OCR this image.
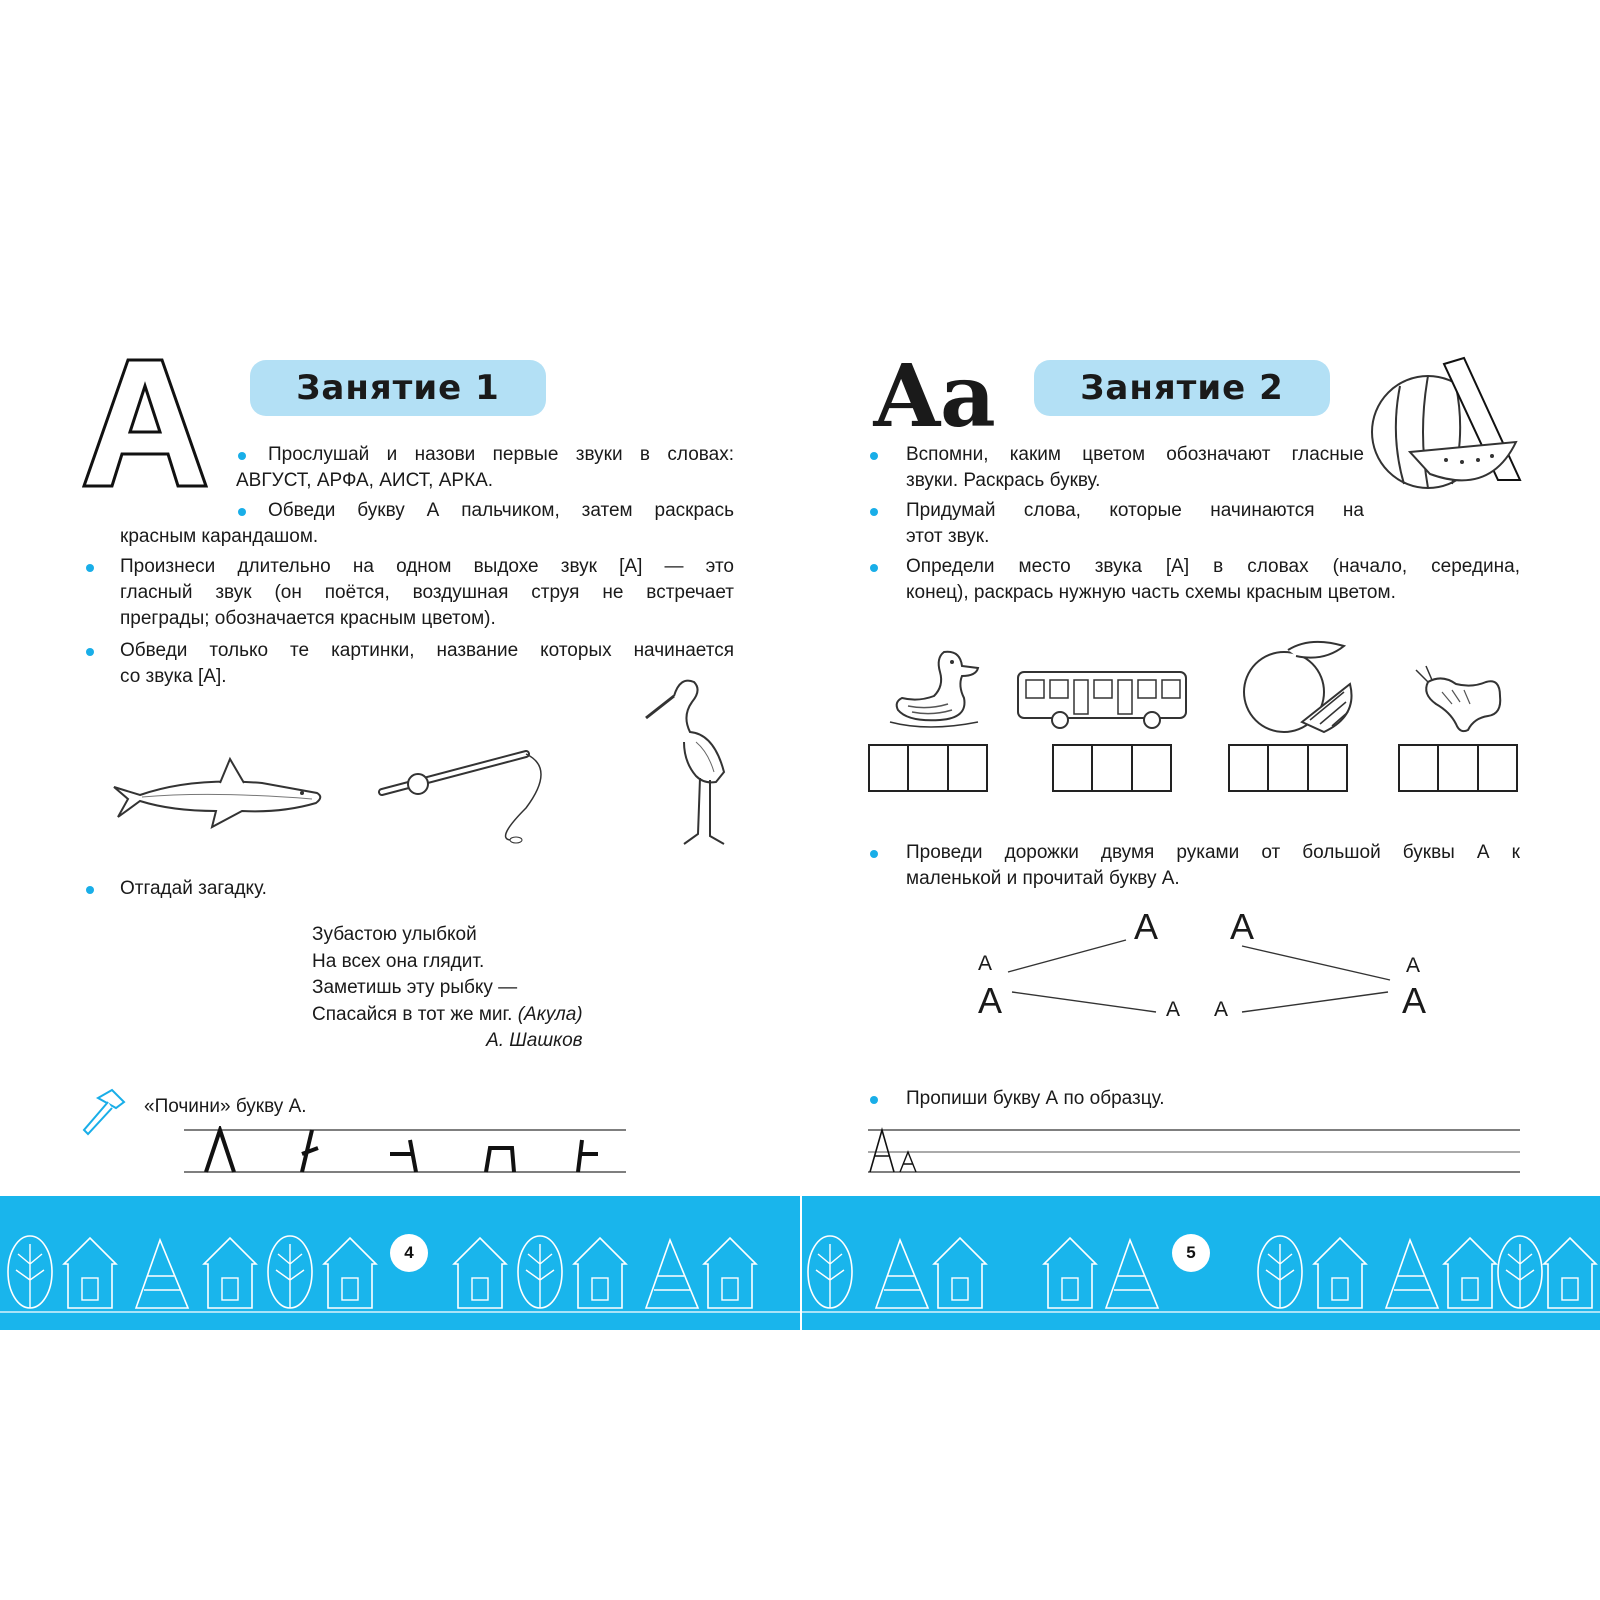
Занятие 1
Прослушай и назови первые звуки в словах:
АВГУСТ, АРФА, АИСТ, АРКА.
Обведи букву А пальчиком, затем раскрась
красным карандашом.
Произнеси длительно на одном выдохе звук [А] — это
гласный звук (он поётся, воздушная струя не встречает
преграды; обозначается красным цветом).
Обведи только те картинки, название которых начинается
со звука [А].
Отгадай загадку.
Зубастою улыбкой
На всех она глядит.
Заметишь эту рыбку —
Спасайся в тот же миг. (Акула)
А. Шашков
«Почини» букву А.
Аа	Занятие 2
Вспомни, каким цветом обозначают гласные
звуки. Раскрась букву.
Придумай слова, которые начинаются на
этот звук.
Определи место звука [А] в словах (начало, середина,
конец), раскрась нужную часть схемы красным цветом.
Проведи дорожки двумя руками от большой буквы А к
маленькой и прочитай букву А.
А А
А	А
А	А
А А
Пропиши букву А по образцу.
4	5
